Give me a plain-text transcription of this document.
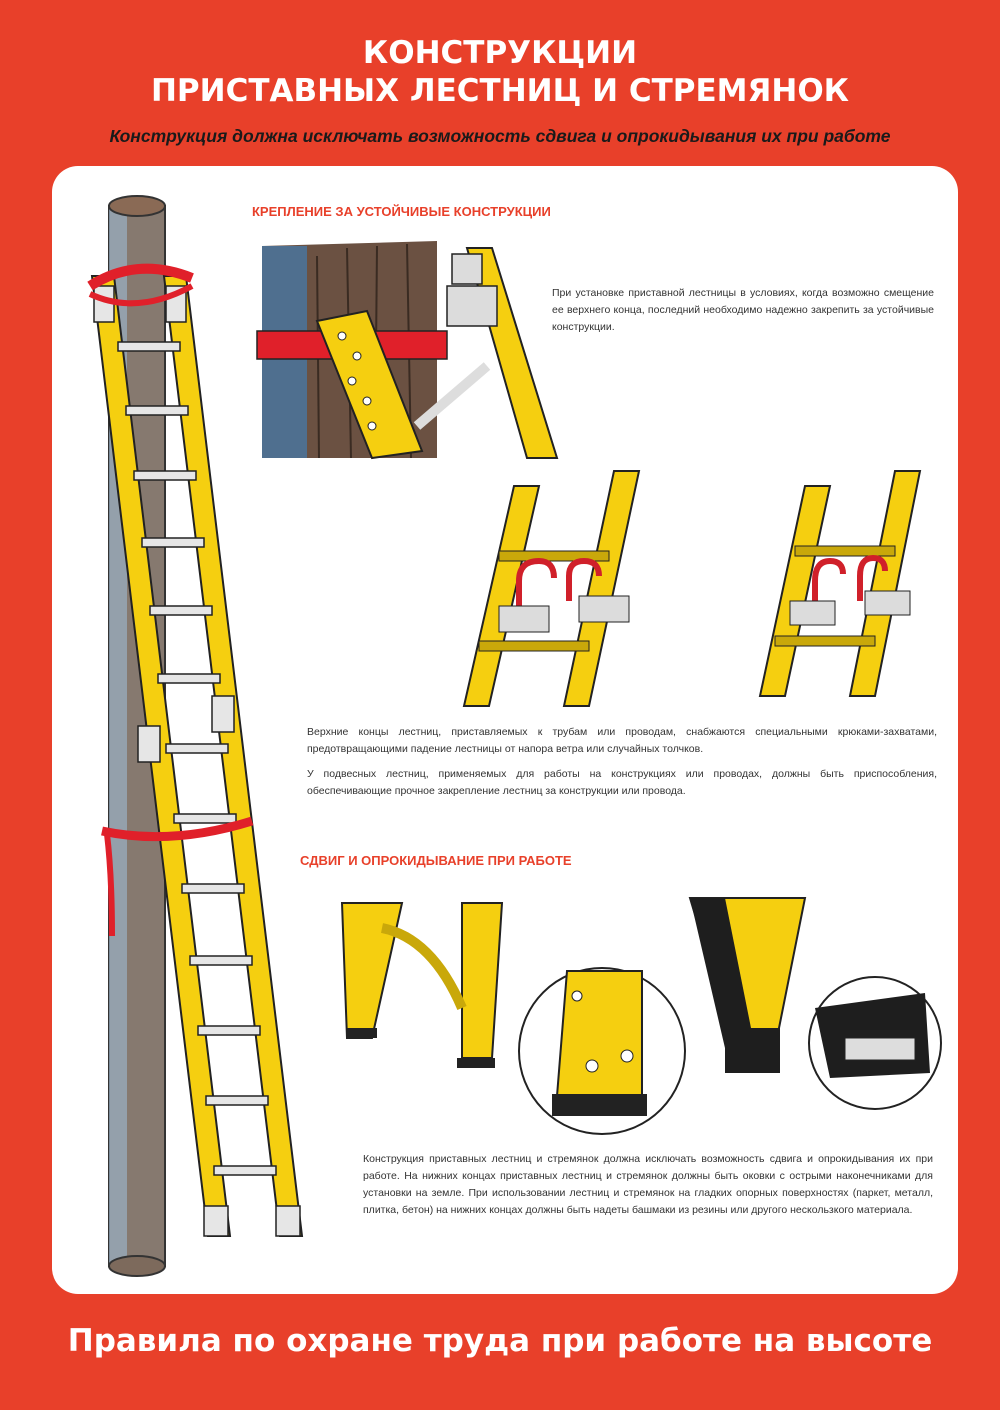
КОНСТРУКЦИИ
ПРИСТАВНЫХ ЛЕСТНИЦ И СТРЕМЯНОК
Конструкция должна исключать возможность сдвига и опрокидывания их при работе
КРЕПЛЕНИЕ ЗА УСТОЙЧИВЫЕ КОНСТРУКЦИИ
При установке приставной лестницы в условиях, когда возможно смещение ее верхнего конца, последний необходимо надежно закрепить за устойчивые конструкции.
Верхние концы лестниц, приставляемых к трубам или проводам, снабжаются специальными крюками-захватами, предотвращающими падение лестницы от напора ветра или случайных толчков.
У подвесных лестниц, применяемых для работы на конструкциях или проводах, должны быть приспособления, обеспечивающие прочное закрепление лестниц за конструкции или провода.
СДВИГ И ОПРОКИДЫВАНИЕ ПРИ РАБОТЕ
Конструкция приставных лестниц и стремянок должна исключать возможность сдвига и опрокидывания их при работе. На нижних концах приставных лестниц и стремянок должны быть оковки с острыми наконечниками для установки на земле. При использовании лестниц и стремянок на гладких опорных поверхностях (паркет, металл, плитка, бетон) на нижних концах должны быть надеты башмаки из резины или другого нескользкого материала.
Правила по охране труда при работе на высоте
